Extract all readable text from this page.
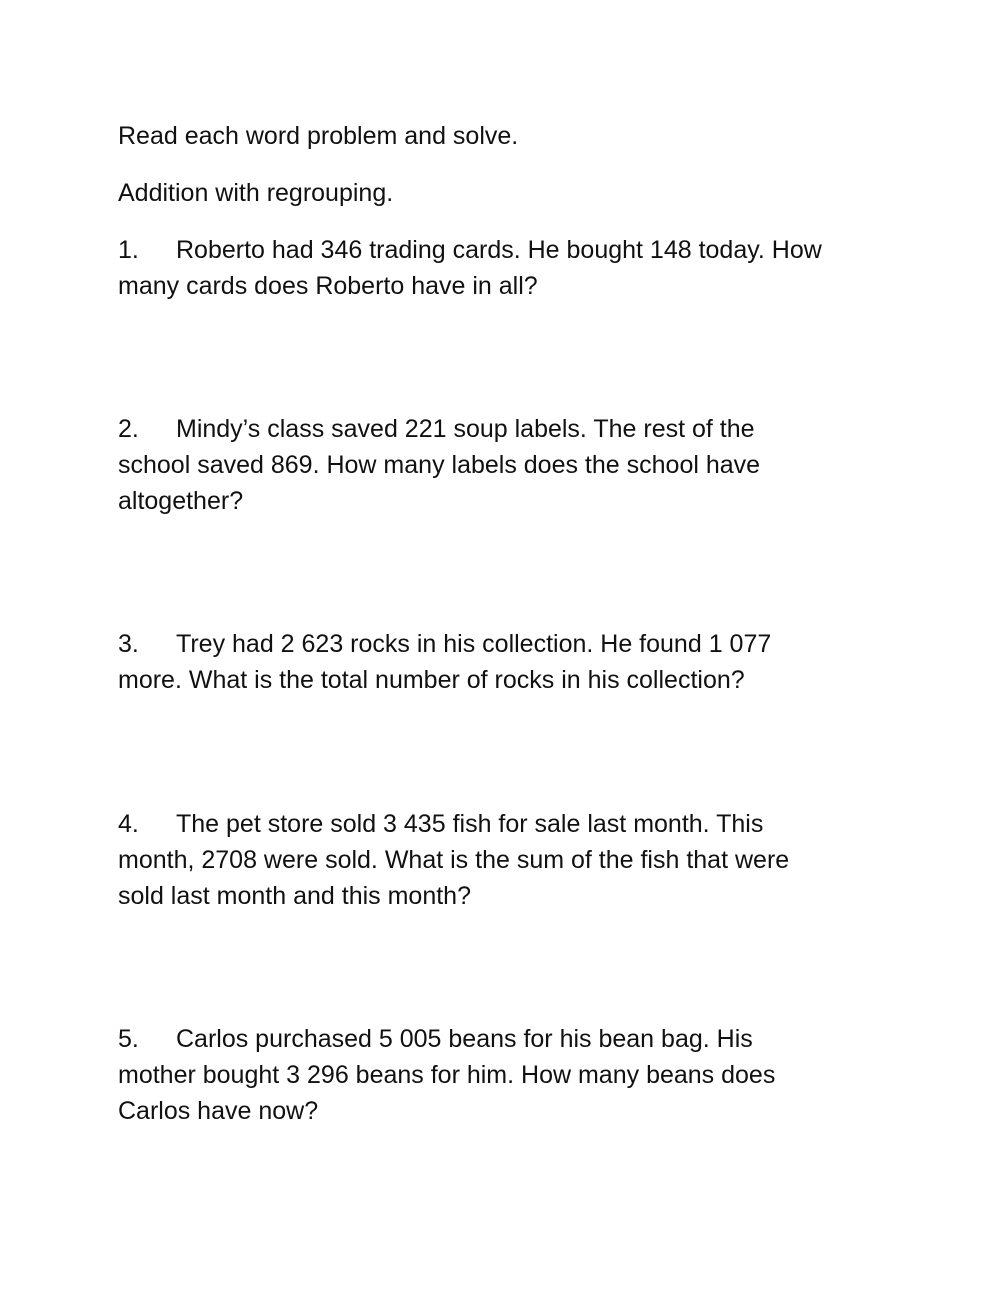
Read each word problem and solve.

Addition with regrouping.

1. Roberto had 346 trading cards. He bought 148 today. How
many cards does Roberto have in all?
2. Mindy’s class saved 221 soup labels. The rest of the
school saved 869. How many labels does the school have
altogether?
3. Trey had 2 623 rocks in his collection. He found 1 077
more. What is the total number of rocks in his collection?
4. The pet store sold 3 435 fish for sale last month. This
month, 2708 were sold. What is the sum of the fish that were
sold last month and this month?
5. Carlos purchased 5 005 beans for his bean bag. His
mother bought 3 296 beans for him. How many beans does
Carlos have now?
